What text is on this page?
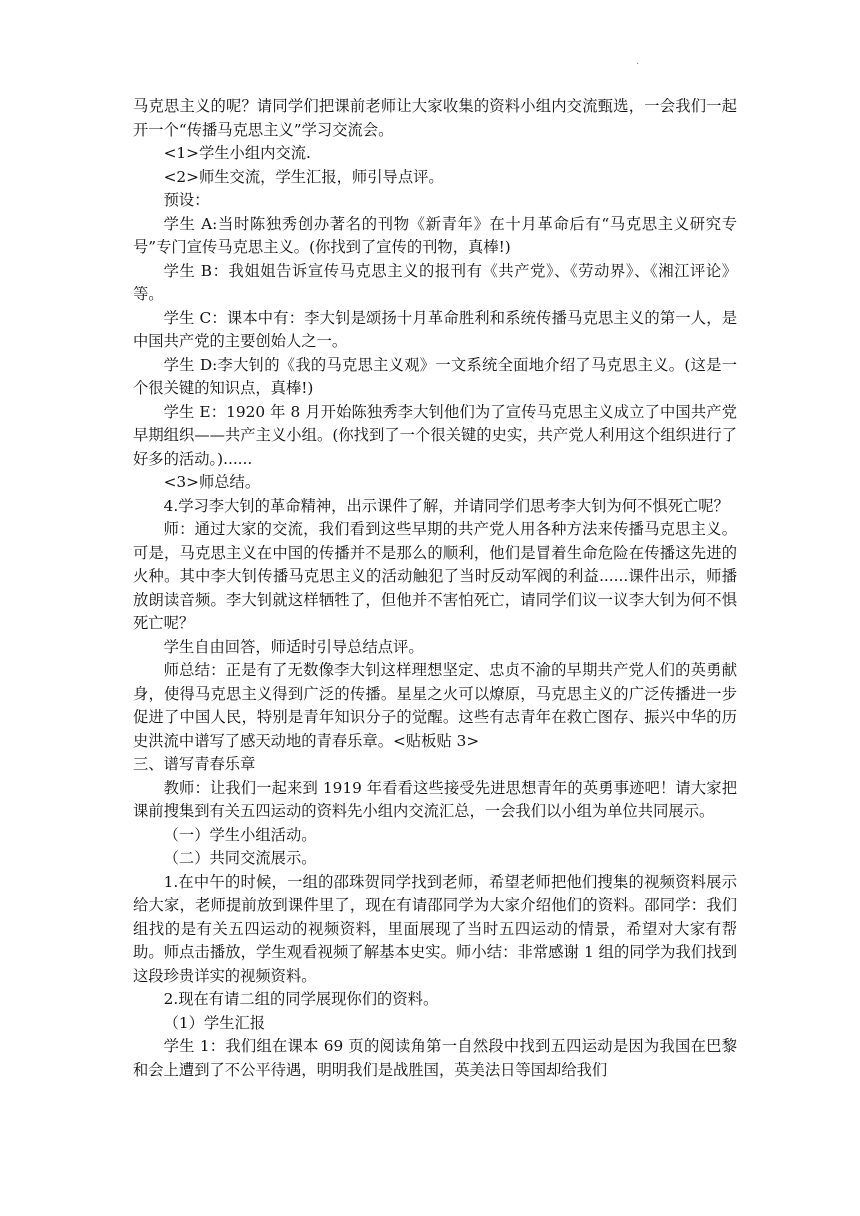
.

马克思主义的呢？请同学们把课前老师让大家收集的资料小组内交流甄选，一会我们一起开一个“传播马克思主义”学习交流会。

<1>学生小组内交流.

<2>师生交流，学生汇报，师引导点评。

预设：

学生 A:当时陈独秀创办著名的刊物《新青年》在十月革命后有“马克思主义研究专号”专门宣传马克思主义。(你找到了宣传的刊物，真棒!)

学生 B：我姐姐告诉宣传马克思主义的报刊有《共产党》、《劳动界》、《湘江评论》等。

学生 C：课本中有：李大钊是颂扬十月革命胜利和系统传播马克思主义的第一人，是中国共产党的主要创始人之一。

学生 D:李大钊的《我的马克思主义观》一文系统全面地介绍了马克思主义。(这是一个很关键的知识点，真棒!)

学生 E：1920 年 8 月开始陈独秀李大钊他们为了宣传马克思主义成立了中国共产党早期组织——共产主义小组。(你找到了一个很关键的史实，共产党人利用这个组织进行了好多的活动。)......

<3>师总结。

4.学习李大钊的革命精神，出示课件了解，并请同学们思考李大钊为何不惧死亡呢？

师：通过大家的交流，我们看到这些早期的共产党人用各种方法来传播马克思主义。可是，马克思主义在中国的传播并不是那么的顺利，他们是冒着生命危险在传播这先进的火种。其中李大钊传播马克思主义的活动触犯了当时反动军阀的利益......课件出示，师播放朗读音频。李大钊就这样牺牲了，但他并不害怕死亡，请同学们议一议李大钊为何不惧死亡呢？

学生自由回答，师适时引导总结点评。

师总结：正是有了无数像李大钊这样理想坚定、忠贞不渝的早期共产党人们的英勇献身，使得马克思主义得到广泛的传播。星星之火可以燎原，马克思主义的广泛传播进一步促进了中国人民，特别是青年知识分子的觉醒。这些有志青年在救亡图存、振兴中华的历史洪流中谱写了感天动地的青春乐章。<贴板贴 3>

三、谱写青春乐章

教师：让我们一起来到 1919 年看看这些接受先进思想青年的英勇事迹吧！请大家把课前搜集到有关五四运动的资料先小组内交流汇总，一会我们以小组为单位共同展示。

（一）学生小组活动。

（二）共同交流展示。

1.在中午的时候，一组的邵珠贺同学找到老师，希望老师把他们搜集的视频资料展示给大家，老师提前放到课件里了，现在有请邵同学为大家介绍他们的资料。邵同学：我们组找的是有关五四运动的视频资料，里面展现了当时五四运动的情景，希望对大家有帮助。师点击播放，学生观看视频了解基本史实。师小结：非常感谢 1 组的同学为我们找到这段珍贵详实的视频资料。

2.现在有请二组的同学展现你们的资料。

（1）学生汇报

学生 1：我们组在课本 69 页的阅读角第一自然段中找到五四运动是因为我国在巴黎和会上遭到了不公平待遇，明明我们是战胜国，英美法日等国却给我们
